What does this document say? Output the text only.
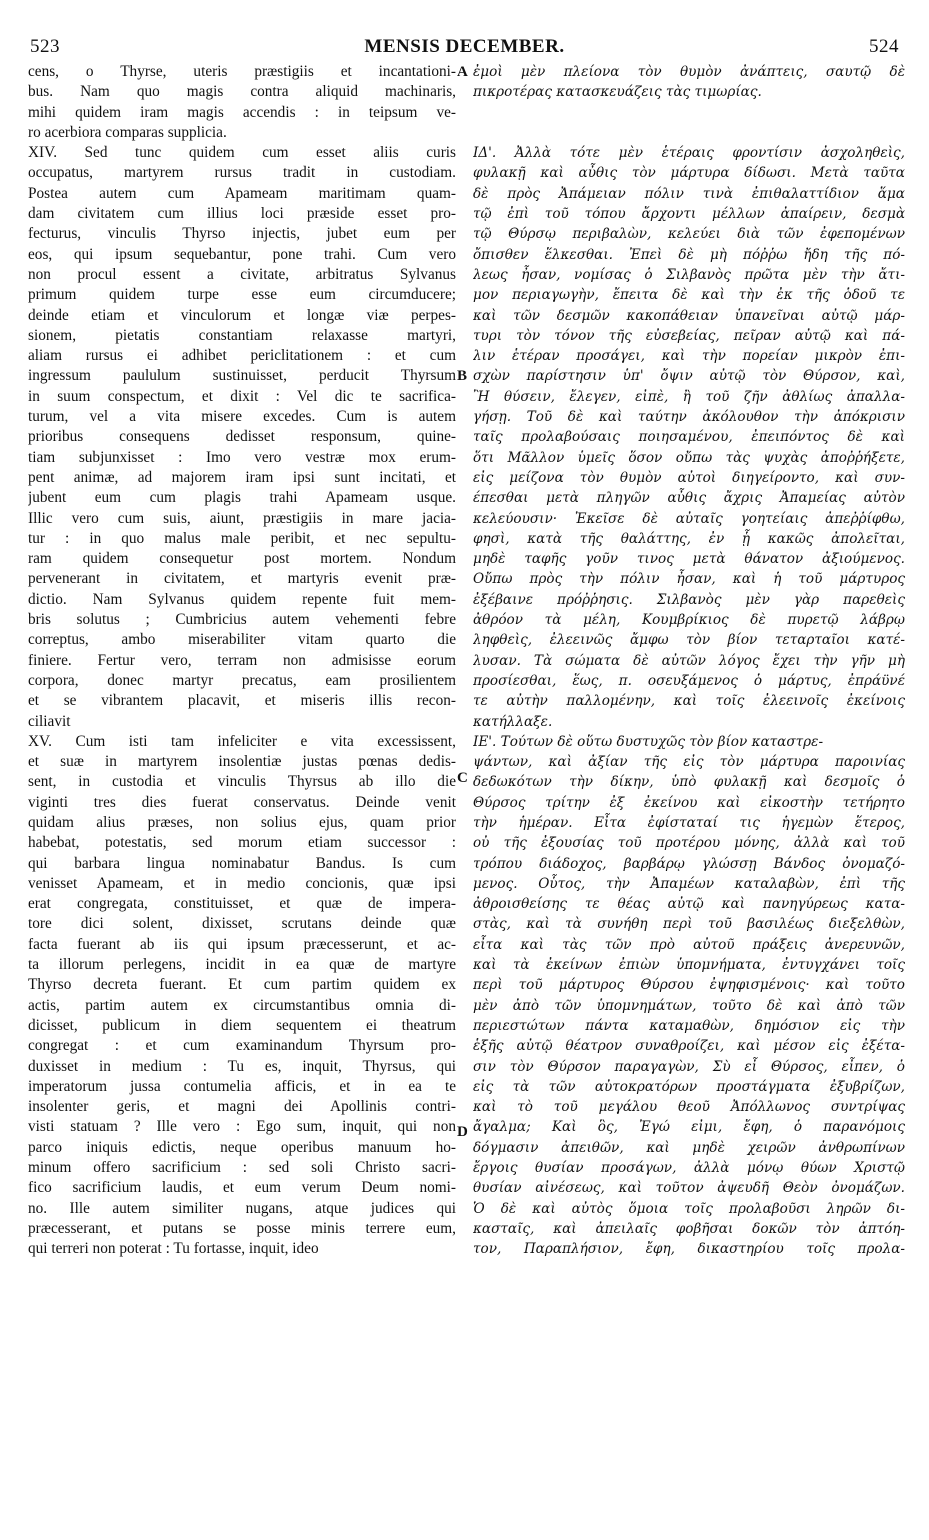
523	MENSIS DECEMBER.	524
cens, o Thyrse, uteris præstigiis et incantationi-
bus. Nam quo magis contra aliquid machinaris,
mihi quidem iram magis accendis : in teipsum ve-
ro acerbiora comparas supplicia.
XIV. Sed tunc quidem cum esset aliis curis
occupatus, martyrem rursus tradit in custodiam.
Postea autem cum Apameam maritimam quam-
dam civitatem cum illius loci præside esset pro-
fecturus, vinculis Thyrso injectis, jubet eum per
eos, qui ipsum sequebantur, pone trahi. Cum vero
non procul essent a civitate, arbitratus Sylvanus
primum quidem turpe esse eum circumducere;
deinde etiam et vinculorum et longæ viæ perpes-
sionem, pietatis constantiam relaxasse martyri,
aliam rursus ei adhibet periclitationem : et cum
ingressum paululum sustinuisset, perducit Thyrsum
in suum conspectum, et dixit : Vel dic te sacrifica-
turum, vel a vita misere excedes. Cum is autem
prioribus consequens dedisset responsum, quine-
tiam subjunxisset : Imo vero vestræ mox erum-
pent animæ, ad majorem iram ipsi sunt incitati, et
jubent eum cum plagis trahi Apameam usque.
Illic vero cum suis, aiunt, præstigiis in mare jacia-
tur : in quo malus male peribit, et nec sepultu-
ram quidem consequetur post mortem. Nondum
pervenerant in civitatem, et martyris evenit præ-
dictio. Nam Sylvanus quidem repente fuit mem-
bris solutus ; Cumbricius autem vehementi febre
correptus, ambo miserabiliter vitam quarto die
finiere. Fertur vero, terram non admisisse eorum
corpora, donec martyr precatus, eam prosilientem
et se vibrantem placavit, et miseris illis recon-
ciliavit
XV. Cum isti tam infeliciter e vita excessissent,
et suæ in martyrem insolentiæ justas pœnas dedis-
sent, in custodia et vinculis Thyrsus ab illo die
viginti tres dies fuerat conservatus. Deinde venit
quidam alius præses, non solius ejus, quam prior
habebat, potestatis, sed morum etiam successor :
qui barbara lingua nominabatur Bandus. Is cum
venisset Apameam, et in medio concionis, quæ ipsi
erat congregata, constituisset, et quæ de impera-
tore dici solent, dixisset, scrutans deinde quæ
facta fuerant ab iis qui ipsum præcesserunt, et ac-
ta illorum perlegens, incidit in ea quæ de martyre
Thyrso decreta fuerant. Et cum partim quidem ex
actis, partim autem ex circumstantibus omnia di-
dicisset, publicum in diem sequentem ei theatrum
congregat : et cum examinandum Thyrsum pro-
duxisset in medium : Tu es, inquit, Thyrsus, qui
imperatorum jussa contumelia afficis, et in ea te
insolenter geris, et magni dei Apollinis contri-
visti statuam ? Ille vero : Ego sum, inquit, qui non
parco iniquis edictis, neque operibus manuum ho-
minum offero sacrificium : sed soli Christo sacri-
fico sacrificium laudis, et eum verum Deum nomi-
no. Ille autem similiter nugans, atque judices qui
præcesserant, et putans se posse minis terrere eum,
qui terreri non poterat : Tu fortasse, inquit, ideo
ἐμοὶ μὲν πλείονα τὸν θυμὸν ἀνάπτεις, σαυτῷ δὲ
πικροτέρας κατασκευάζεις τὰς τιμωρίας.
ΙΔ'. Ἀλλὰ τότε μὲν ἑτέραις φροντίσιν ἀσχοληθεὶς,
φυλακῇ καὶ αὖθις τὸν μάρτυρα δίδωσι. Μετὰ ταῦτα
δὲ πρὸς Ἀπάμειαν πόλιν τινὰ ἐπιθαλαττίδιον ἅμα
τῷ ἐπὶ τοῦ τόπου ἄρχοντι μέλλων ἀπαίρειν, δεσμὰ
τῷ Θύρσῳ περιβαλὼν, κελεύει διὰ τῶν ἐφεπομένων
ὄπισθεν ἕλκεσθαι. Ἐπεὶ δὲ μὴ πόῤῥω ἤδη τῆς πό-
λεως ἦσαν, νομίσας ὁ Σιλβανὸς πρῶτα μὲν τὴν ἄτι-
μον περιαγωγὴν, ἔπειτα δὲ καὶ τὴν ἐκ τῆς ὁδοῦ τε
καὶ τῶν δεσμῶν κακοπάθειαν ὑπανεῖναι αὐτῷ μάρ-
τυρι τὸν τόνον τῆς εὐσεβείας, πεῖραν αὐτῷ καὶ πά-
λιν ἑτέραν προσάγει, καὶ τὴν πορείαν μικρὸν ἐπι-
σχὼν παρίστησιν ὑπ' ὄψιν αὐτῷ τὸν Θύρσον, καὶ,
Ἢ θύσειν, ἔλεγεν, εἰπὲ, ἢ τοῦ ζῆν ἀθλίως ἀπαλλα-
γήσῃ. Τοῦ δὲ καὶ ταύτην ἀκόλουθον τὴν ἀπόκρισιν
ταῖς προλαβούσαις ποιησαμένου, ἐπειπόντος δὲ καὶ
ὅτι Μᾶλλον ὑμεῖς ὅσον οὔπω τὰς ψυχὰς ἀποῤῥήξετε,
εἰς μείζονα τὸν θυμὸν αὐτοὶ διηγείροντο, καὶ συν-
έπεσθαι μετὰ πληγῶν αὖθις ἄχρις Ἀπαμείας αὐτὸν
κελεύουσιν· Ἐκεῖσε δὲ αὐταῖς γοητείαις ἀπεῤῥίφθω,
φησὶ, κατὰ τῆς θαλάττης, ἐν ᾗ κακῶς ἀπολεῖται,
μηδὲ ταφῆς γοῦν τινος μετὰ θάνατον ἀξιούμενος.
Οὔπω πρὸς τὴν πόλιν ἦσαν, καὶ ἡ τοῦ μάρτυρος
ἐξέβαινε πρόῤῥησις. Σιλβανὸς μὲν γὰρ παρεθεὶς
ἀθρόον τὰ μέλη, Κουμβρίκιος δὲ πυρετῷ λάβρῳ
ληφθεὶς, ἐλεεινῶς ἄμφω τὸν βίον τεταρταῖοι κατέ-
λυσαν. Τὰ σώματα δὲ αὐτῶν λόγος ἔχει τὴν γῆν μὴ
προσίεσθαι, ἕως, π. οσευξάμενος ὁ μάρτυς, ἐπράϋνέ
τε αὐτὴν παλλομένην, καὶ τοῖς ἐλεεινοῖς ἐκείνοις
κατήλλαξε.
ΙΕ'. Τούτων δὲ οὕτω δυστυχῶς τὸν βίον καταστρε-
ψάντων, καὶ ἀξίαν τῆς εἰς τὸν μάρτυρα παροινίας
δεδωκότων τὴν δίκην, ὑπὸ φυλακῇ καὶ δεσμοῖς ὁ
Θύρσος τρίτην ἐξ ἐκείνου καὶ εἰκοστὴν τετήρητο
τὴν ἡμέραν. Εἶτα ἐφίσταταί τις ἡγεμὼν ἕτερος,
οὐ τῆς ἐξουσίας τοῦ προτέρου μόνης, ἀλλὰ καὶ τοῦ
τρόπου διάδοχος, βαρβάρῳ γλώσσῃ Βάνδος ὀνομαζό-
μενος. Οὗτος, τὴν Ἀπαμέων καταλαβὼν, ἐπὶ τῆς
ἀθροισθείσης τε θέας αὐτῷ καὶ πανηγύρεως κατα-
στὰς, καὶ τὰ συνήθη περὶ τοῦ βασιλέως διεξελθὼν,
εἶτα καὶ τὰς τῶν πρὸ αὐτοῦ πράξεις ἀνερευνῶν,
καὶ τὰ ἐκείνων ἐπιὼν ὑπομνήματα, ἐντυγχάνει τοῖς
περὶ τοῦ μάρτυρος Θύρσου ἐψηφισμένοις· καὶ τοῦτο
μὲν ἀπὸ τῶν ὑπομνημάτων, τοῦτο δὲ καὶ ἀπὸ τῶν
περιεστώτων πάντα καταμαθὼν, δημόσιον εἰς τὴν
ἑξῆς αὐτῷ θέατρον συναθροίζει, καὶ μέσον εἰς ἐξέτα-
σιν τὸν Θύρσον παραγαγὼν, Σὺ εἶ Θύρσος, εἶπεν, ὁ
εἰς τὰ τῶν αὐτοκρατόρων προστάγματα ἐξυβρίζων,
καὶ τὸ τοῦ μεγάλου θεοῦ Ἀπόλλωνος συντρίψας
ἄγαλμα; Καὶ ὃς, Ἐγώ εἰμι, ἔφη, ὁ παρανόμοις
δόγμασιν ἀπειθῶν, καὶ μηδὲ χειρῶν ἀνθρωπίνων
ἔργοις θυσίαν προσάγων, ἀλλὰ μόνῳ θύων Χριστῷ
θυσίαν αἰνέσεως, καὶ τοῦτον ἀψευδῆ Θεὸν ὀνομάζων.
Ὁ δὲ καὶ αὐτὸς ὅμοια τοῖς προλαβοῦσι ληρῶν δι-
κασταῖς, καὶ ἀπειλαῖς φοβῆσαι δοκῶν τὸν ἀπτόη-
τον, Παραπλήσιον, ἔφη, δικαστηρίου τοῖς προλα-
A
B
C
D
